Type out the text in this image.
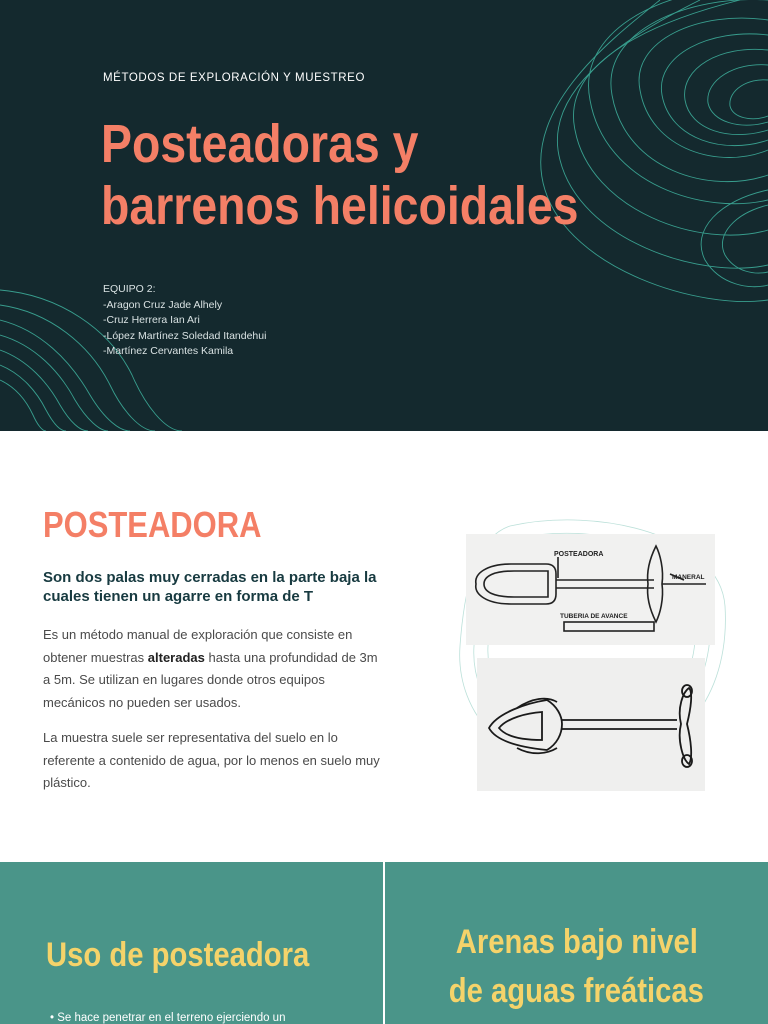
MÉTODOS DE EXPLORACIÓN Y MUESTREO
Posteadoras y
barrenos helicoidales
EQUIPO 2:
-Aragon Cruz Jade Alhely
-Cruz Herrera Ian Ari
-López Martínez Soledad Itandehui
-Martínez Cervantes Kamila
POSTEADORA

Son dos palas muy cerradas en la parte baja la cuales tienen un agarre en forma de T

Es un método manual de exploración que consiste en obtener muestras alteradas hasta una profundidad de 3m a 5m. Se utilizan en lugares donde otros equipos mecánicos no pueden ser usados.

La muestra suele ser representativa del suelo en lo referente a contenido de agua, por lo menos en suelo muy plástico.

POSTEADORA
MANERAL
TUBERIA DE AVANCE
Uso de posteadora	Arenas bajo nivel
de aguas freáticas
• Se hace penetrar en el terreno ejerciendo un
